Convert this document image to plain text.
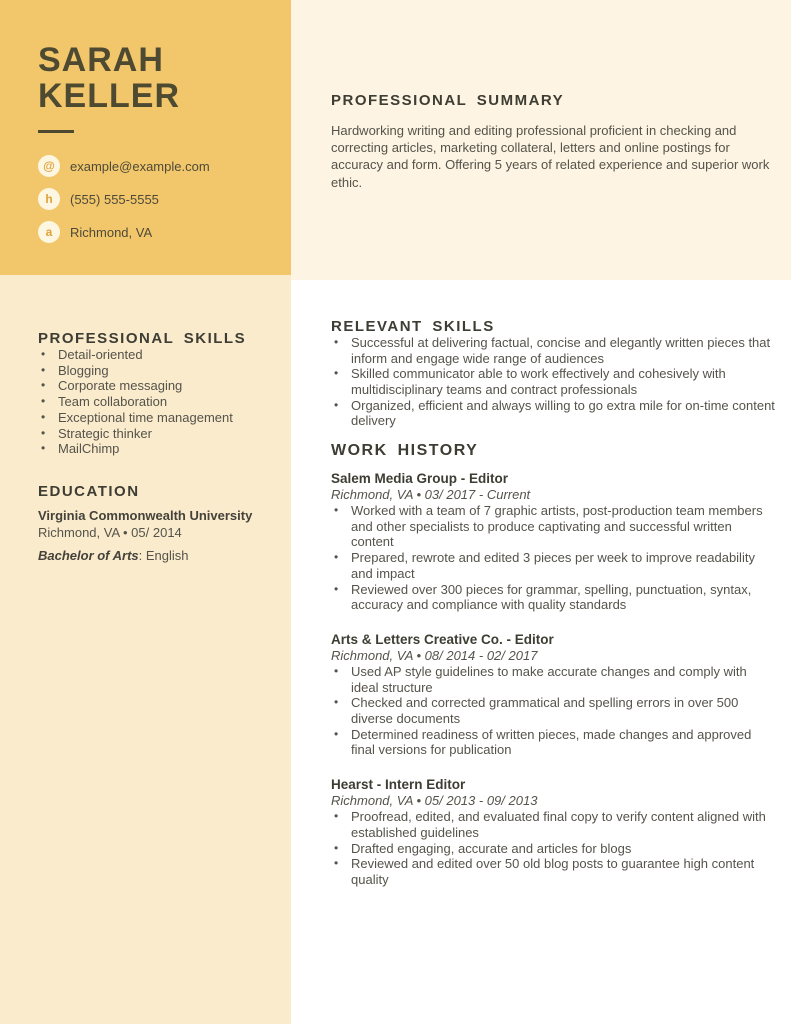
SARAH
KELLER
@	example@example.com
h	(555) 555-5555
a	Richmond, VA
PROFESSIONAL SKILLS
• Detail-oriented
• Blogging
• Corporate messaging
• Team collaboration
• Exceptional time management
• Strategic thinker
• MailChimp
EDUCATION
Virginia Commonwealth University
Richmond, VA • 05/ 2014
Bachelor of Arts: English
PROFESSIONAL SUMMARY
Hardworking writing and editing professional proficient in checking and correcting articles, marketing collateral, letters and online postings for accuracy and form. Offering 5 years of related experience and superior work ethic.
RELEVANT SKILLS
• Successful at delivering factual, concise and elegantly written pieces that inform and engage wide range of audiences
• Skilled communicator able to work effectively and cohesively with multidisciplinary teams and contract professionals
• Organized, efficient and always willing to go extra mile for on-time content delivery
WORK HISTORY
Salem Media Group - Editor
Richmond, VA • 03/ 2017 - Current
• Worked with a team of 7 graphic artists, post-production team members and other specialists to produce captivating and successful written content
• Prepared, rewrote and edited 3 pieces per week to improve readability and impact
• Reviewed over 300 pieces for grammar, spelling, punctuation, syntax, accuracy and compliance with quality standards
Arts & Letters Creative Co. - Editor
Richmond, VA • 08/ 2014 - 02/ 2017
• Used AP style guidelines to make accurate changes and comply with ideal structure
• Checked and corrected grammatical and spelling errors in over 500 diverse documents
• Determined readiness of written pieces, made changes and approved final versions for publication
Hearst - Intern Editor
Richmond, VA • 05/ 2013 - 09/ 2013
• Proofread, edited, and evaluated final copy to verify content aligned with established guidelines
• Drafted engaging, accurate and articles for blogs
• Reviewed and edited over 50 old blog posts to guarantee high content quality
